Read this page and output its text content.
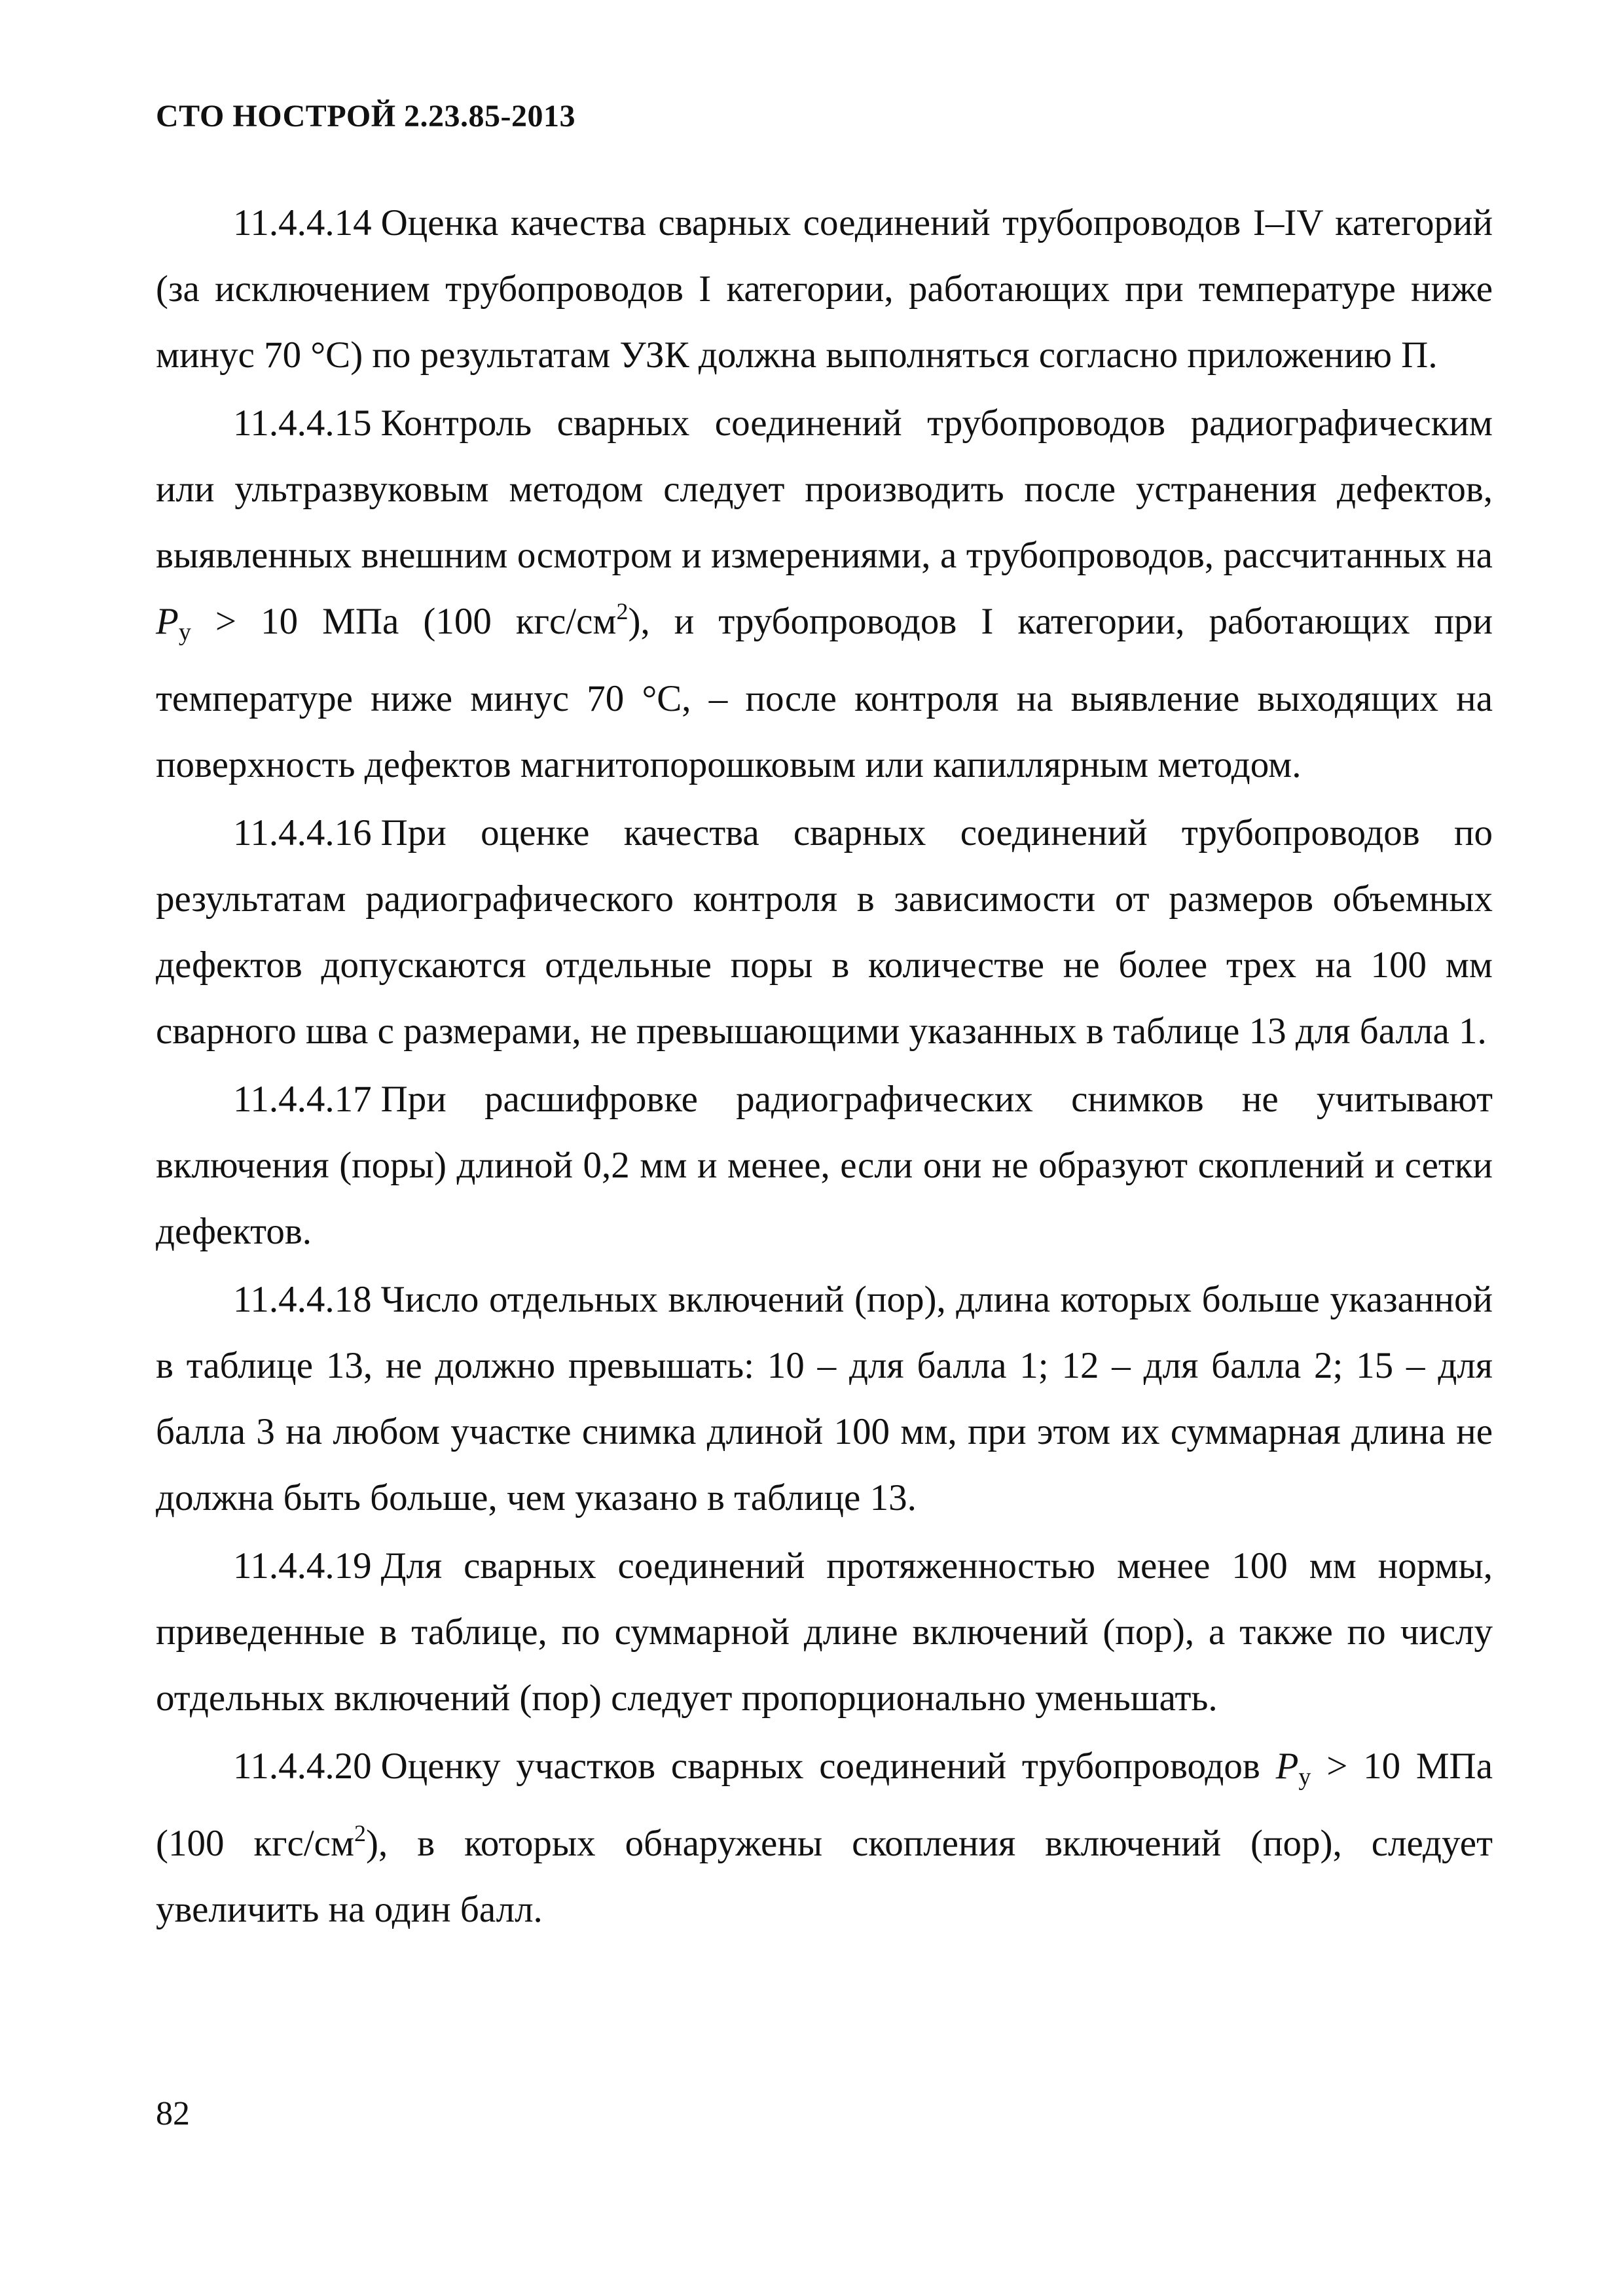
СТО НОСТРОЙ 2.23.85-2013

11.4.4.14 Оценка качества сварных соединений трубопроводов I–IV категорий (за исключением трубопроводов I категории, работающих при температуре ниже минус 70 °С) по результатам УЗК должна выполняться согласно приложению П.

11.4.4.15 Контроль сварных соединений трубопроводов радиографическим или ультразвуковым методом следует производить после устранения дефектов, выявленных внешним осмотром и измерениями, а трубопроводов, рассчитанных на $P_у > 10$ МПа (100 кгс/$см^2$), и трубопроводов I категории, работающих при температуре ниже минус 70 °С, – после контроля на выявление выходящих на поверхность дефектов магнитопорошковым или капиллярным методом.

11.4.4.16 При оценке качества сварных соединений трубопроводов по результатам радиографического контроля в зависимости от размеров объемных дефектов допускаются отдельные поры в количестве не более трех на 100 мм сварного шва с размерами, не превышающими указанных в таблице 13 для балла 1.

11.4.4.17 При расшифровке радиографических снимков не учитывают включения (поры) длиной 0,2 мм и менее, если они не образуют скоплений и сетки дефектов.

11.4.4.18 Число отдельных включений (пор), длина которых больше указанной в таблице 13, не должно превышать: 10 – для балла 1; 12 – для балла 2; 15 – для балла 3 на любом участке снимка длиной 100 мм, при этом их суммарная длина не должна быть больше, чем указано в таблице 13.

11.4.4.19 Для сварных соединений протяженностью менее 100 мм нормы, приведенные в таблице, по суммарной длине включений (пор), а также по числу отдельных включений (пор) следует пропорционально уменьшать.

11.4.4.20 Оценку участков сварных соединений трубопроводов $P_у > 10$ МПа (100 кгс/$см^2$), в которых обнаружены скопления включений (пор), следует увеличить на один балл.

82
